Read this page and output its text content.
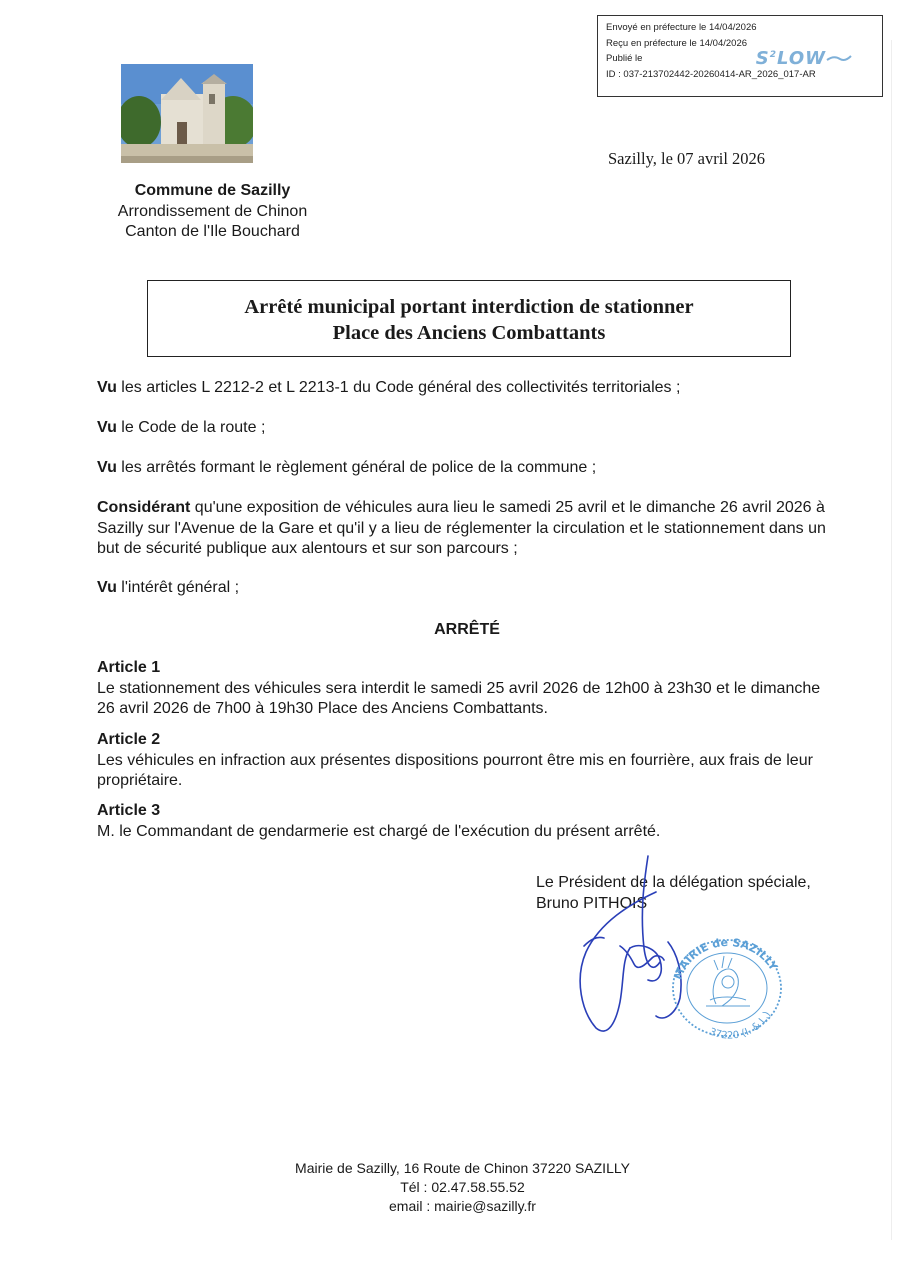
Envoyé en préfecture le 14/04/2026
Reçu en préfecture le 14/04/2026
Publié le
ID : 037-213702442-20260414-AR_2026_017-AR
$S^2LOW$
Sazilly, le 07 avril 2026
Commune de Sazilly
Arrondissement de Chinon
Canton de l'Ile Bouchard
Arrêté municipal portant interdiction de stationner
Place des Anciens Combattants
Vu les articles L 2212-2 et L 2213-1 du Code général des collectivités territoriales ;
Vu le Code de la route ;
Vu les arrêtés formant le règlement général de police de la commune ;
Considérant qu'une exposition de véhicules aura lieu le samedi 25 avril et le dimanche 26 avril 2026 à Sazilly sur l'Avenue de la Gare et qu'il y a lieu de réglementer la circulation et le stationnement dans un but de sécurité publique aux alentours et sur son parcours ;
Vu l'intérêt général ;
ARRÊTÉ
Article 1
Le stationnement des véhicules sera interdit le samedi 25 avril 2026 de 12h00 à 23h30 et le dimanche 26 avril 2026 de 7h00 à 19h30 Place des Anciens Combattants.
Article 2
Les véhicules en infraction aux présentes dispositions pourront être mis en fourrière, aux frais de leur propriétaire.
Article 3
M. le Commandant de gendarmerie est chargé de l'exécution du présent arrêté.
Le Président de la délégation spéciale,
Bruno PITHOIS
MAIRIE de SAZILLY
37220 (I. & L.)
Mairie de Sazilly, 16 Route de Chinon 37220 SAZILLY
Tél : 02.47.58.55.52
email : mairie@sazilly.fr
